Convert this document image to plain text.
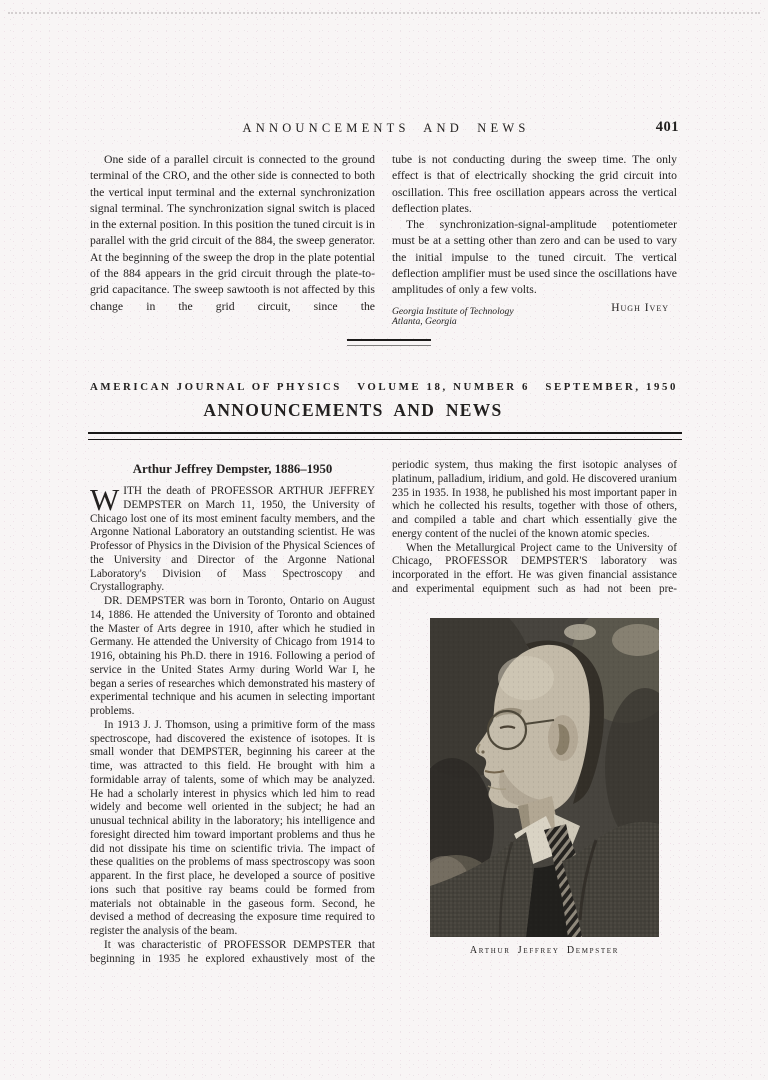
ANNOUNCEMENTS AND NEWS	401

One side of a parallel circuit is connected to the ground terminal of the CRO, and the other side is connected to both the vertical input terminal and the external synchronization signal terminal. The synchronization signal switch is placed in the external position. In this position the tuned circuit is in parallel with the grid circuit of the 884, the sweep generator. At the beginning of the sweep the drop in the plate potential of the 884 appears in the grid circuit through the plate-to-grid capacitance. The sweep sawtooth is not affected by this change in the grid circuit, since the

tube is not conducting during the sweep time. The only effect is that of electrically shocking the grid circuit into oscillation. This free oscillation appears across the vertical deflection plates.

The synchronization-signal-amplitude potentiometer must be at a setting other than zero and can be used to vary the initial impulse to the tuned circuit. The vertical deflection amplifier must be used since the oscillations have amplitudes of only a few volts.

Hugh Ivey
Georgia Institute of Technology
Atlanta, Georgia
AMERICAN JOURNAL OF PHYSICS VOLUME 18, NUMBER 6 SEPTEMBER, 1950
ANNOUNCEMENTS AND NEWS
Arthur Jeffrey Dempster, 1886–1950

WITH the death of PROFESSOR ARTHUR JEFFREY DEMPSTER on March 11, 1950, the University of Chicago lost one of its most eminent faculty members, and the Argonne National Laboratory an outstanding scientist. He was Professor of Physics in the Division of the Physical Sciences of the University and Director of the Argonne National Laboratory's Division of Mass Spectroscopy and Crystallography.

DR. DEMPSTER was born in Toronto, Ontario on August 14, 1886. He attended the University of Toronto and obtained the Master of Arts degree in 1910, after which he studied in Germany. He attended the University of Chicago from 1914 to 1916, obtaining his Ph.D. there in 1916. Following a period of service in the United States Army during World War I, he began a series of researches which demonstrated his mastery of experimental technique and his acumen in selecting important problems.

In 1913 J. J. Thomson, using a primitive form of the mass spectroscope, had discovered the existence of isotopes. It is small wonder that DEMPSTER, beginning his career at the time, was attracted to this field. He brought with him a formidable array of talents, some of which may be analyzed. He had a scholarly interest in physics which led him to read widely and become well oriented in the subject; he had an unusual technical ability in the laboratory; his intelligence and foresight directed him toward important problems and thus he did not dissipate his time on scientific trivia. The impact of these qualities on the problems of mass spectroscopy was soon apparent. In the first place, he developed a source of positive ions such that positive ray beams could be formed from materials not obtainable in the gaseous form. Second, he devised a method of decreasing the exposure time required to register the analysis of the beam.

It was characteristic of PROFESSOR DEMPSTER that beginning in 1935 he explored exhaustively most of the

periodic system, thus making the first isotopic analyses of platinum, palladium, iridium, and gold. He discovered uranium 235 in 1935. In 1938, he published his most important paper in which he collected his results, together with those of others, and compiled a table and chart which essentially give the energy content of the nuclei of the known atomic species.

When the Metallurgical Project came to the University of Chicago, PROFESSOR DEMPSTER'S laboratory was incorporated in the effort. He was given financial assistance and experimental equipment such as had not been pre-

Arthur Jeffrey Dempster
